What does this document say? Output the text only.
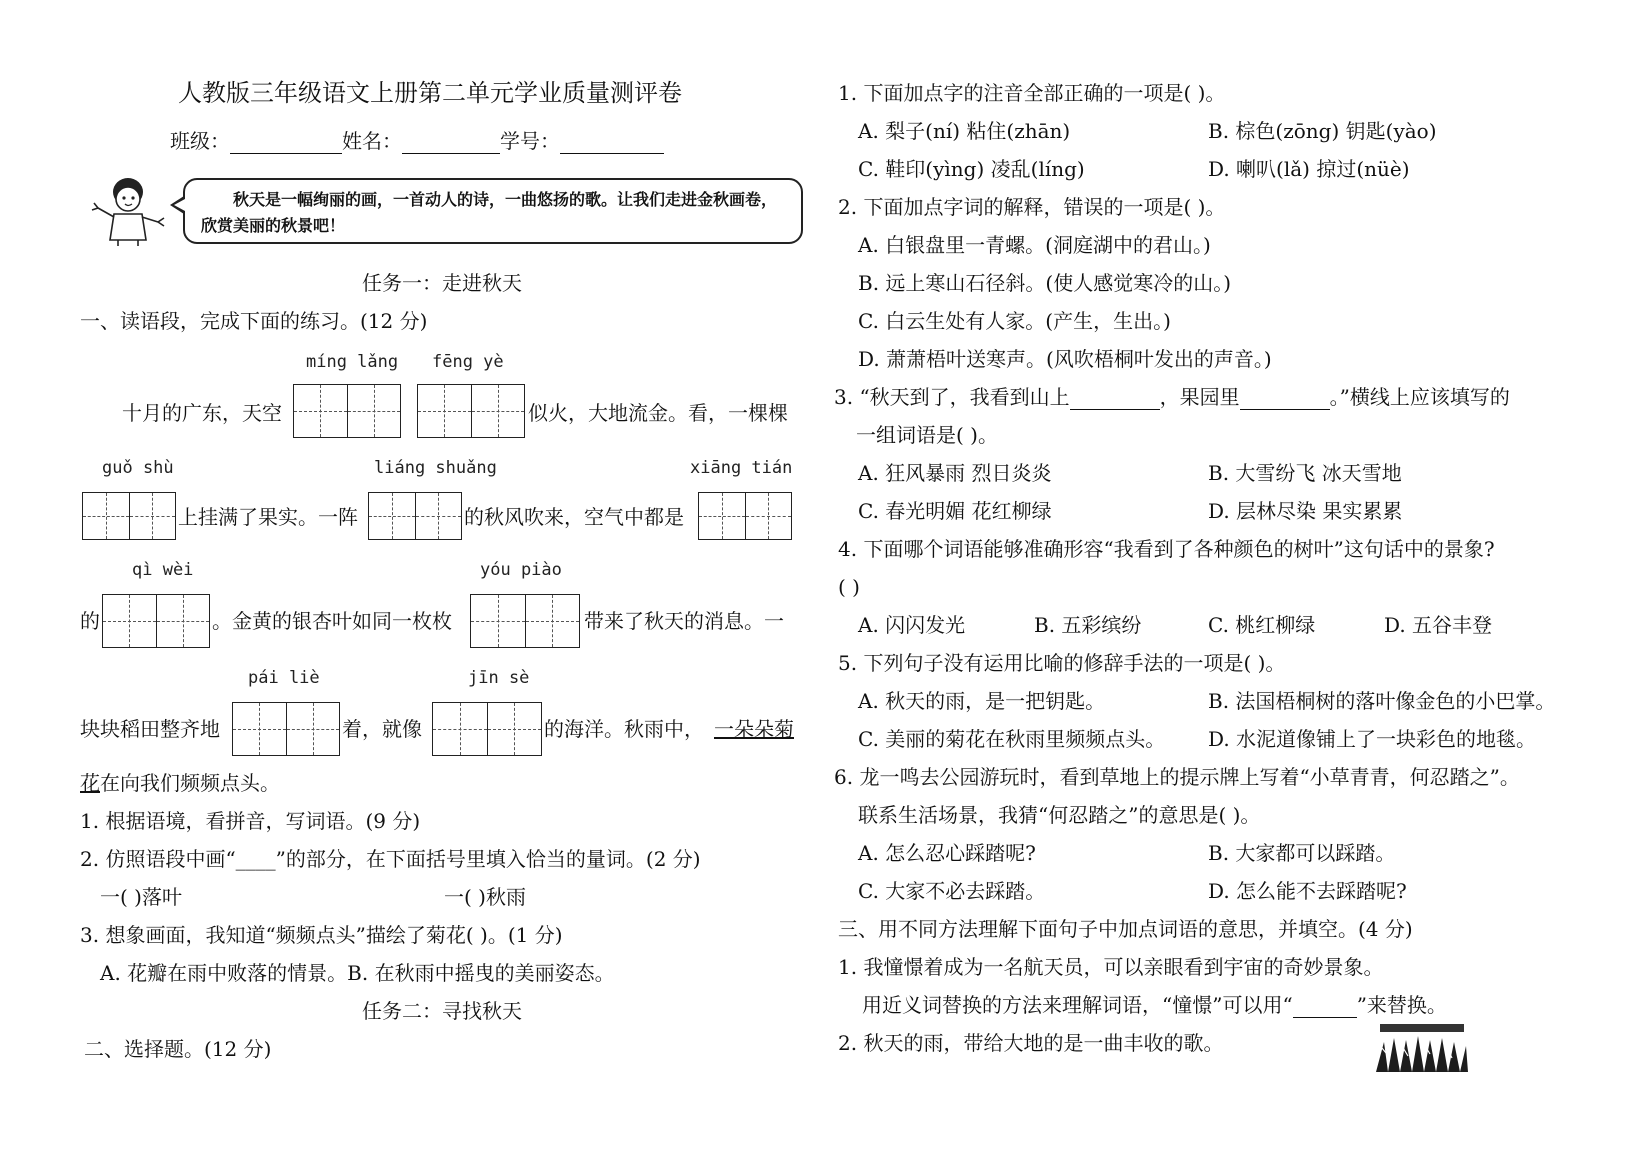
人教版三年级语文上册第二单元学业质量测评卷
班级：	姓名：	学号：
秋天是一幅绚丽的画，一首动人的诗，一曲悠扬的歌。让我们走进金秋画卷，欣赏美丽的秋景吧！
任务一：走进秋天
一、读语段，完成下面的练习。(12 分)
míng lǎng fēng yè
十月的广东，天空	似火，大地流金。看，一棵棵
guǒ shù	liáng shuǎng	xiāng tián
上挂满了果实。一阵	的秋风吹来，空气中都是
qì wèi	yóu piào
的	。金黄的银杏叶如同一枚枚	带来了秋天的消息。一
pái liè	jīn sè
块块稻田整齐地	着，就像	的海洋。秋雨中， 一朵朵菊
花在向我们频频点头。
1. 根据语境，看拼音，写词语。(9 分)
2. 仿照语段中画“____”的部分，在下面括号里填入恰当的量词。(2 分)
一( )落叶	一( )秋雨
3. 想象画面，我知道“频频点头”描绘了菊花( )。(1 分)
A. 花瓣在雨中败落的情景。B. 在秋雨中摇曳的美丽姿态。
任务二：寻找秋天
二、选择题。(12 分)
1. 下面加点字的注音全部正确的一项是( )。
A. 梨子(ní) 粘住(zhān)	B. 棕色(zōng) 钥匙(yào)
C. 鞋印(yìng) 凌乱(líng)	D. 喇叭(lǎ) 掠过(nüè)
2. 下面加点字词的解释，错误的一项是( )。
A. 白银盘里一青螺。(洞庭湖中的君山。)
B. 远上寒山石径斜。(使人感觉寒冷的山。)
C. 白云生处有人家。(产生，生出。)
D. 萧萧梧叶送寒声。(风吹梧桐叶发出的声音。)
3. “秋天到了，我看到山上	，果园里	。”横线上应该填写的
一组词语是( )。
A. 狂风暴雨 烈日炎炎	B. 大雪纷飞 冰天雪地
C. 春光明媚 花红柳绿	D. 层林尽染 果实累累
4. 下面哪个词语能够准确形容“我看到了各种颜色的树叶”这句话中的景象?
( )
A. 闪闪发光	B. 五彩缤纷	C. 桃红柳绿	D. 五谷丰登
5. 下列句子没有运用比喻的修辞手法的一项是( )。
A. 秋天的雨，是一把钥匙。	B. 法国梧桐树的落叶像金色的小巴掌。
C. 美丽的菊花在秋雨里频频点头。 D. 水泥道像铺上了一块彩色的地毯。
6. 龙一鸣去公园游玩时，看到草地上的提示牌上写着“小草青青，何忍踏之”。
联系生活场景，我猜“何忍踏之”的意思是( )。
A. 怎么忍心踩踏呢?	B. 大家都可以踩踏。
C. 大家不必去踩踏。	D. 怎么能不去踩踏呢?
三、用不同方法理解下面句子中加点词语的意思，并填空。(4 分)
1. 我憧憬着成为一名航天员，可以亲眼看到宇宙的奇妙景象。
用近义词替换的方法来理解词语，“憧憬”可以用“	”来替换。
2. 秋天的雨，带给大地的是一曲丰收的歌。
